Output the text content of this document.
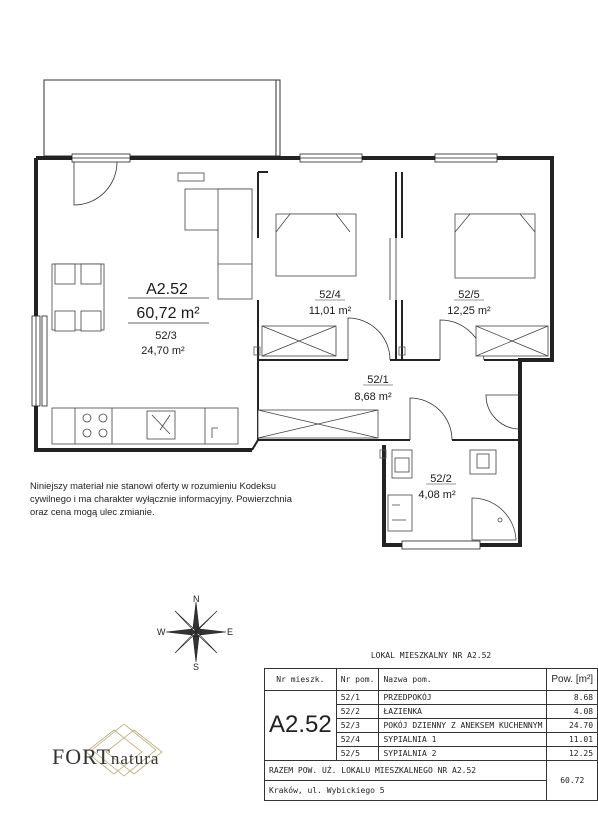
A2.52
60,72 m²
52/3
24,70 m²
52/4
11,01 m²
52/5
12,25 m²
52/1
8,68 m²
52/2
4,08 m²
N
S
W	E
Niniejszy materiał nie stanowi oferty w rozumieniu Kodeksu
cywilnego i ma charakter wyłącznie informacyjny. Powierzchnia
oraz cena mogą ulec zmianie.
FORTnatura
LOKAL MIESZKALNY NR A2.52			
Nr mieszk.	Nr pom.	Nazwa pom.	Pow. [m²]
A2.52	52/1	PRZEDPOKÓJ	8.68
	52/2	ŁAZIENKA	4.08
	52/3	POKÓJ DZIENNY Z ANEKSEM KUCHENNYM	24.70
	52/4	SYPIALNIA 1	11.01
	52/5	SYPIALNIA 2	12.25
RAZEM POW. UŻ. LOKALU MIESZKALNEGO NR A2.52			60.72
Kraków, ul. Wybickiego 5			
